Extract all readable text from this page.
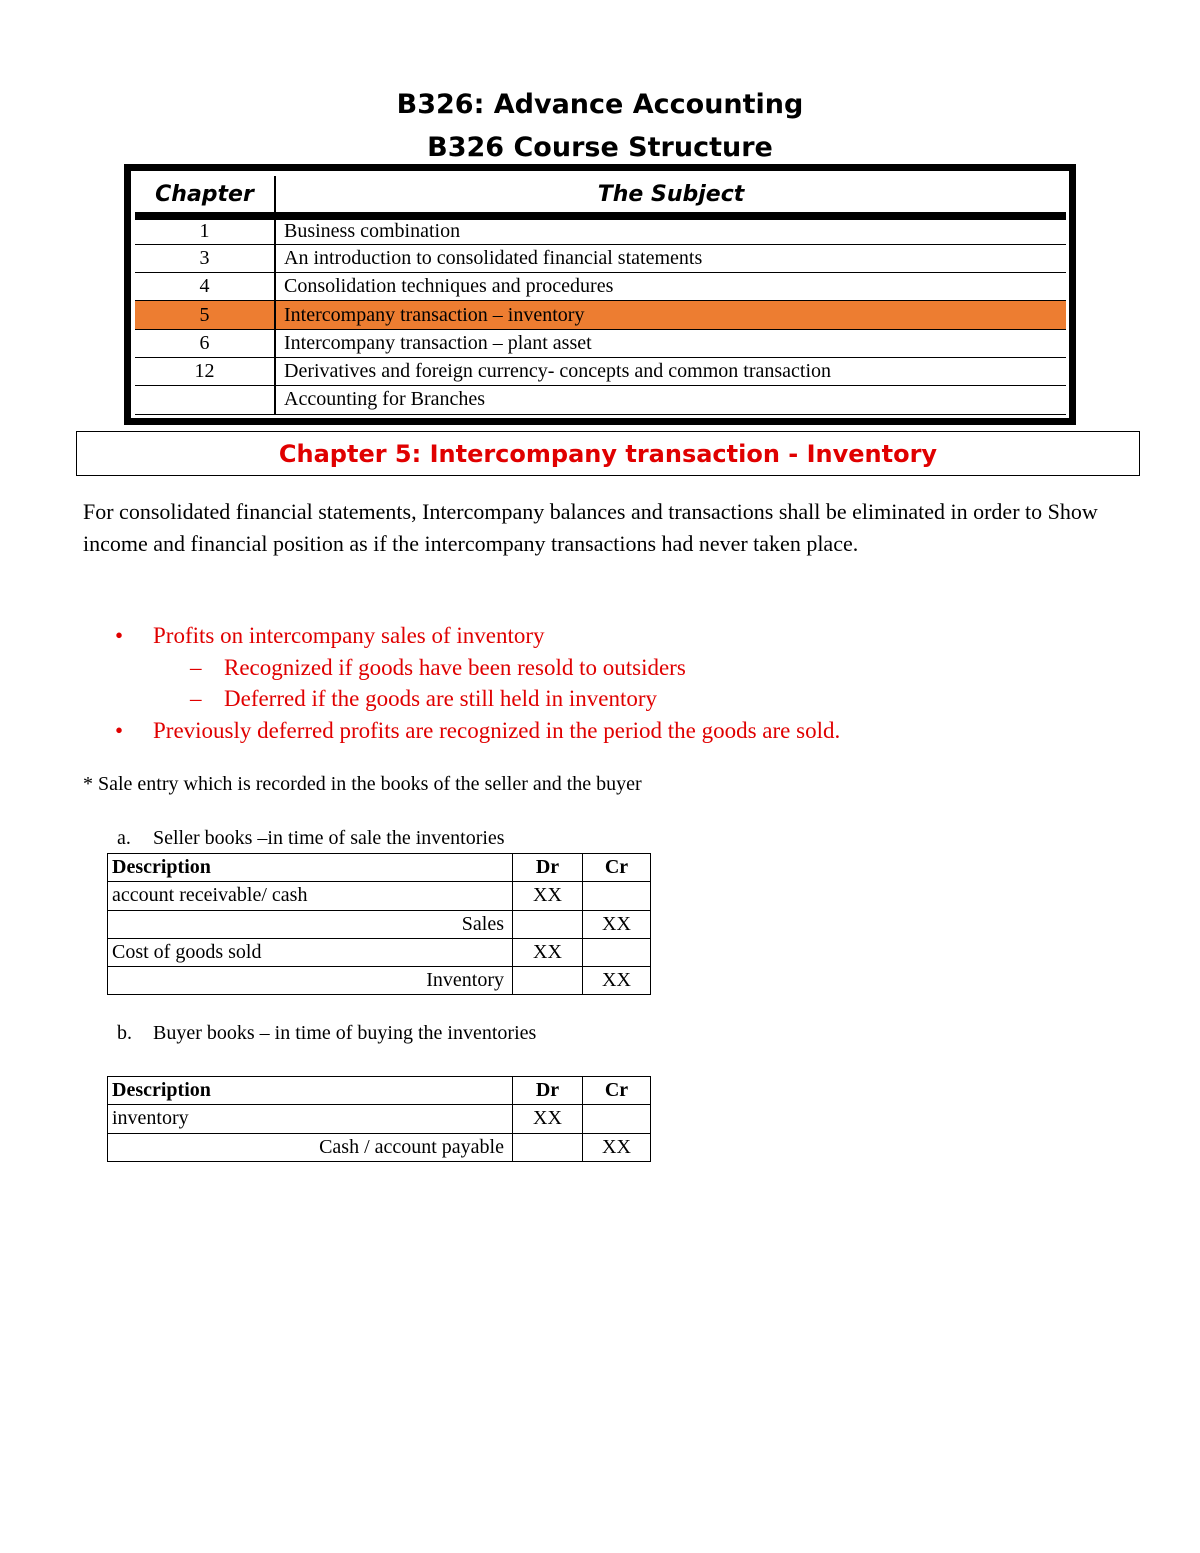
B326: Advance Accounting
B326 Course Structure
Chapter	The Subject
1	Business combination
3	An introduction to consolidated financial statements
4	Consolidation techniques and procedures
5	Intercompany transaction – inventory
6	Intercompany transaction – plant asset
12	Derivatives and foreign currency- concepts and common transaction
	Accounting for Branches
Chapter 5: Intercompany transaction - Inventory

For consolidated financial statements, Intercompany balances and transactions shall be eliminated in order to Show income and financial position as if the intercompany transactions had never taken place.

• Profits on intercompany sales of inventory
– Recognized if goods have been resold to outsiders
– Deferred if the goods are still held in inventory
• Previously deferred profits are recognized in the period the goods are sold.

* Sale entry which is recorded in the books of the seller and the buyer

a. Seller books –in time of sale the inventories

Description	Dr	Cr
account receivable/ cash	XX	
Sales		XX
Cost of goods sold	XX	
Inventory		XX

b. Buyer books – in time of buying the inventories

Description	Dr	Cr
inventory	XX	
Cash / account payable		XX
